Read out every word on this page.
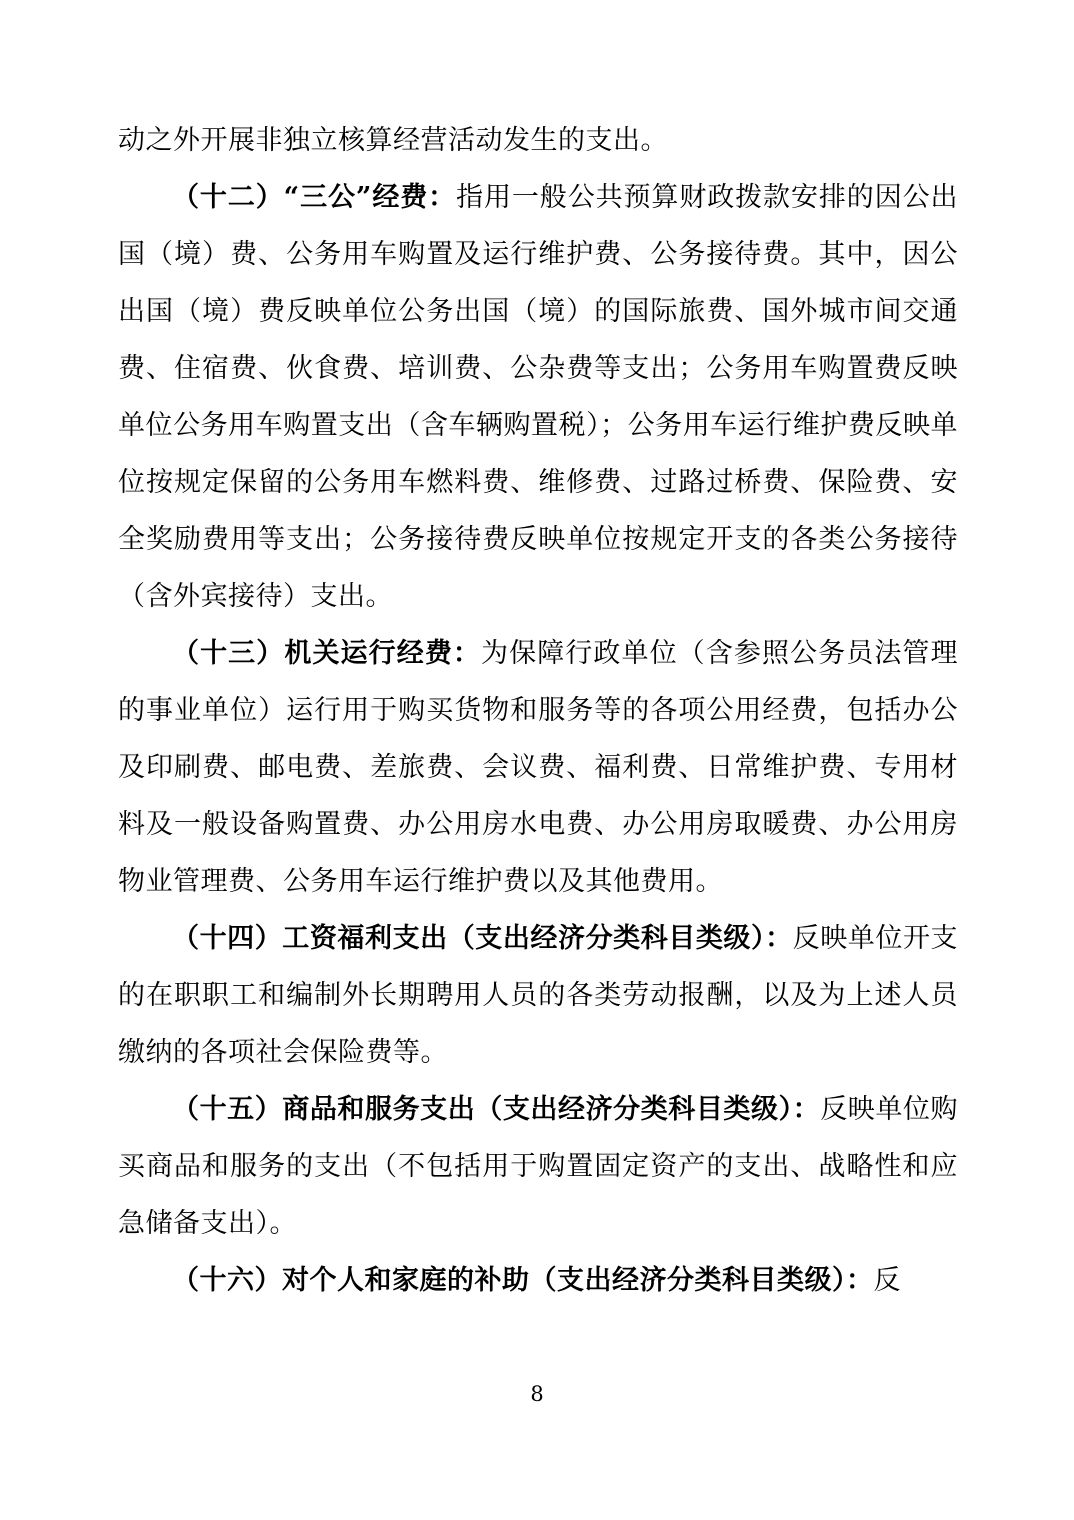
动之外开展非独立核算经营活动发生的支出。

（十二）“三公”经费：指用一般公共预算财政拨款安排的因公出国（境）费、公务用车购置及运行维护费、公务接待费。其中，因公出国（境）费反映单位公务出国（境）的国际旅费、国外城市间交通费、住宿费、伙食费、培训费、公杂费等支出；公务用车购置费反映单位公务用车购置支出（含车辆购置税）；公务用车运行维护费反映单位按规定保留的公务用车燃料费、维修费、过路过桥费、保险费、安全奖励费用等支出；公务接待费反映单位按规定开支的各类公务接待（含外宾接待）支出。

（十三）机关运行经费：为保障行政单位（含参照公务员法管理的事业单位）运行用于购买货物和服务等的各项公用经费，包括办公及印刷费、邮电费、差旅费、会议费、福利费、日常维护费、专用材料及一般设备购置费、办公用房水电费、办公用房取暖费、办公用房物业管理费、公务用车运行维护费以及其他费用。

（十四）工资福利支出（支出经济分类科目类级）：反映单位开支的在职职工和编制外长期聘用人员的各类劳动报酬，以及为上述人员缴纳的各项社会保险费等。

（十五）商品和服务支出（支出经济分类科目类级）：反映单位购买商品和服务的支出（不包括用于购置固定资产的支出、战略性和应急储备支出）。

（十六）对个人和家庭的补助（支出经济分类科目类级）：反

8
